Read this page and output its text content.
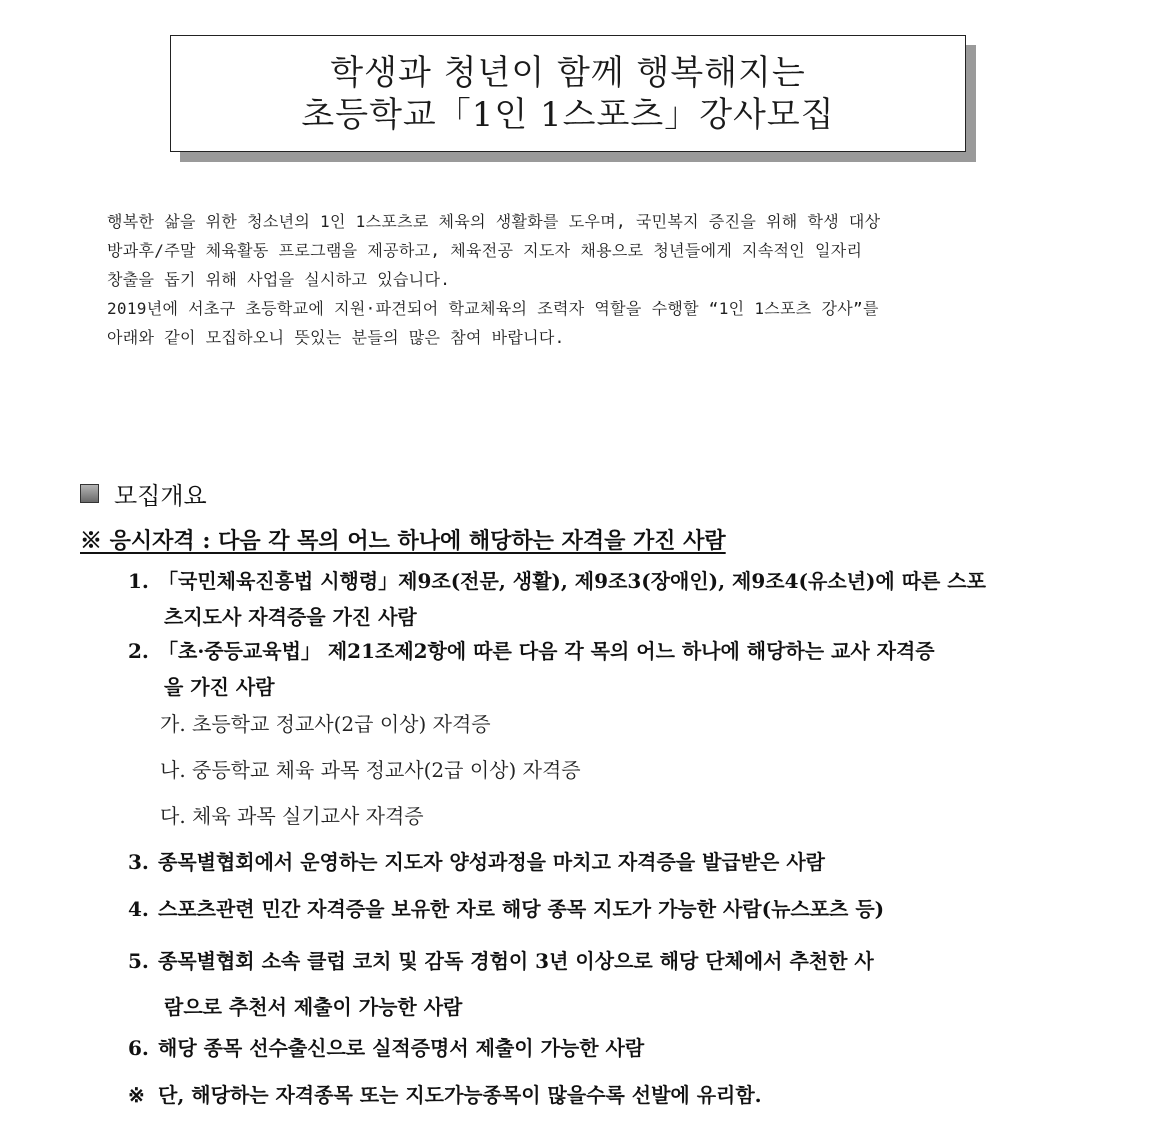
학생과 청년이 함께 행복해지는
초등학교「1인 1스포츠」강사모집
행복한 삶을 위한 청소년의 1인 1스포츠로 체육의 생활화를 도우며, 국민복지 증진을 위해 학생 대상
방과후/주말 체육활동 프로그램을 제공하고, 체육전공 지도자 채용으로 청년들에게 지속적인 일자리
창출을 돕기 위해 사업을 실시하고 있습니다.
2019년에 서초구 초등학교에 지원·파견되어 학교체육의 조력자 역할을 수행할 “1인 1스포츠 강사”를
아래와 같이 모집하오니 뜻있는 분들의 많은 참여 바랍니다.
모집개요
※ 응시자격 : 다음 각 목의 어느 하나에 해당하는 자격을 가진 사람
1. 「국민체육진흥법 시행령」제9조(전문, 생활), 제9조3(장애인), 제9조4(유소년)에 따른 스포
츠지도사 자격증을 가진 사람
2. 「초·중등교육법」 제21조제2항에 따른 다음 각 목의 어느 하나에 해당하는 교사 자격증
을 가진 사람
가. 초등학교 정교사(2급 이상) 자격증
나. 중등학교 체육 과목 정교사(2급 이상) 자격증
다. 체육 과목 실기교사 자격증
3. 종목별협회에서 운영하는 지도자 양성과정을 마치고 자격증을 발급받은 사람
4. 스포츠관련 민간 자격증을 보유한 자로 해당 종목 지도가 가능한 사람(뉴스포츠 등)
5. 종목별협회 소속 클럽 코치 및 감독 경험이 3년 이상으로 해당 단체에서 추천한 사
람으로 추천서 제출이 가능한 사람
6. 해당 종목 선수출신으로 실적증명서 제출이 가능한 사람
※ 단, 해당하는 자격종목 또는 지도가능종목이 많을수록 선발에 유리함.
